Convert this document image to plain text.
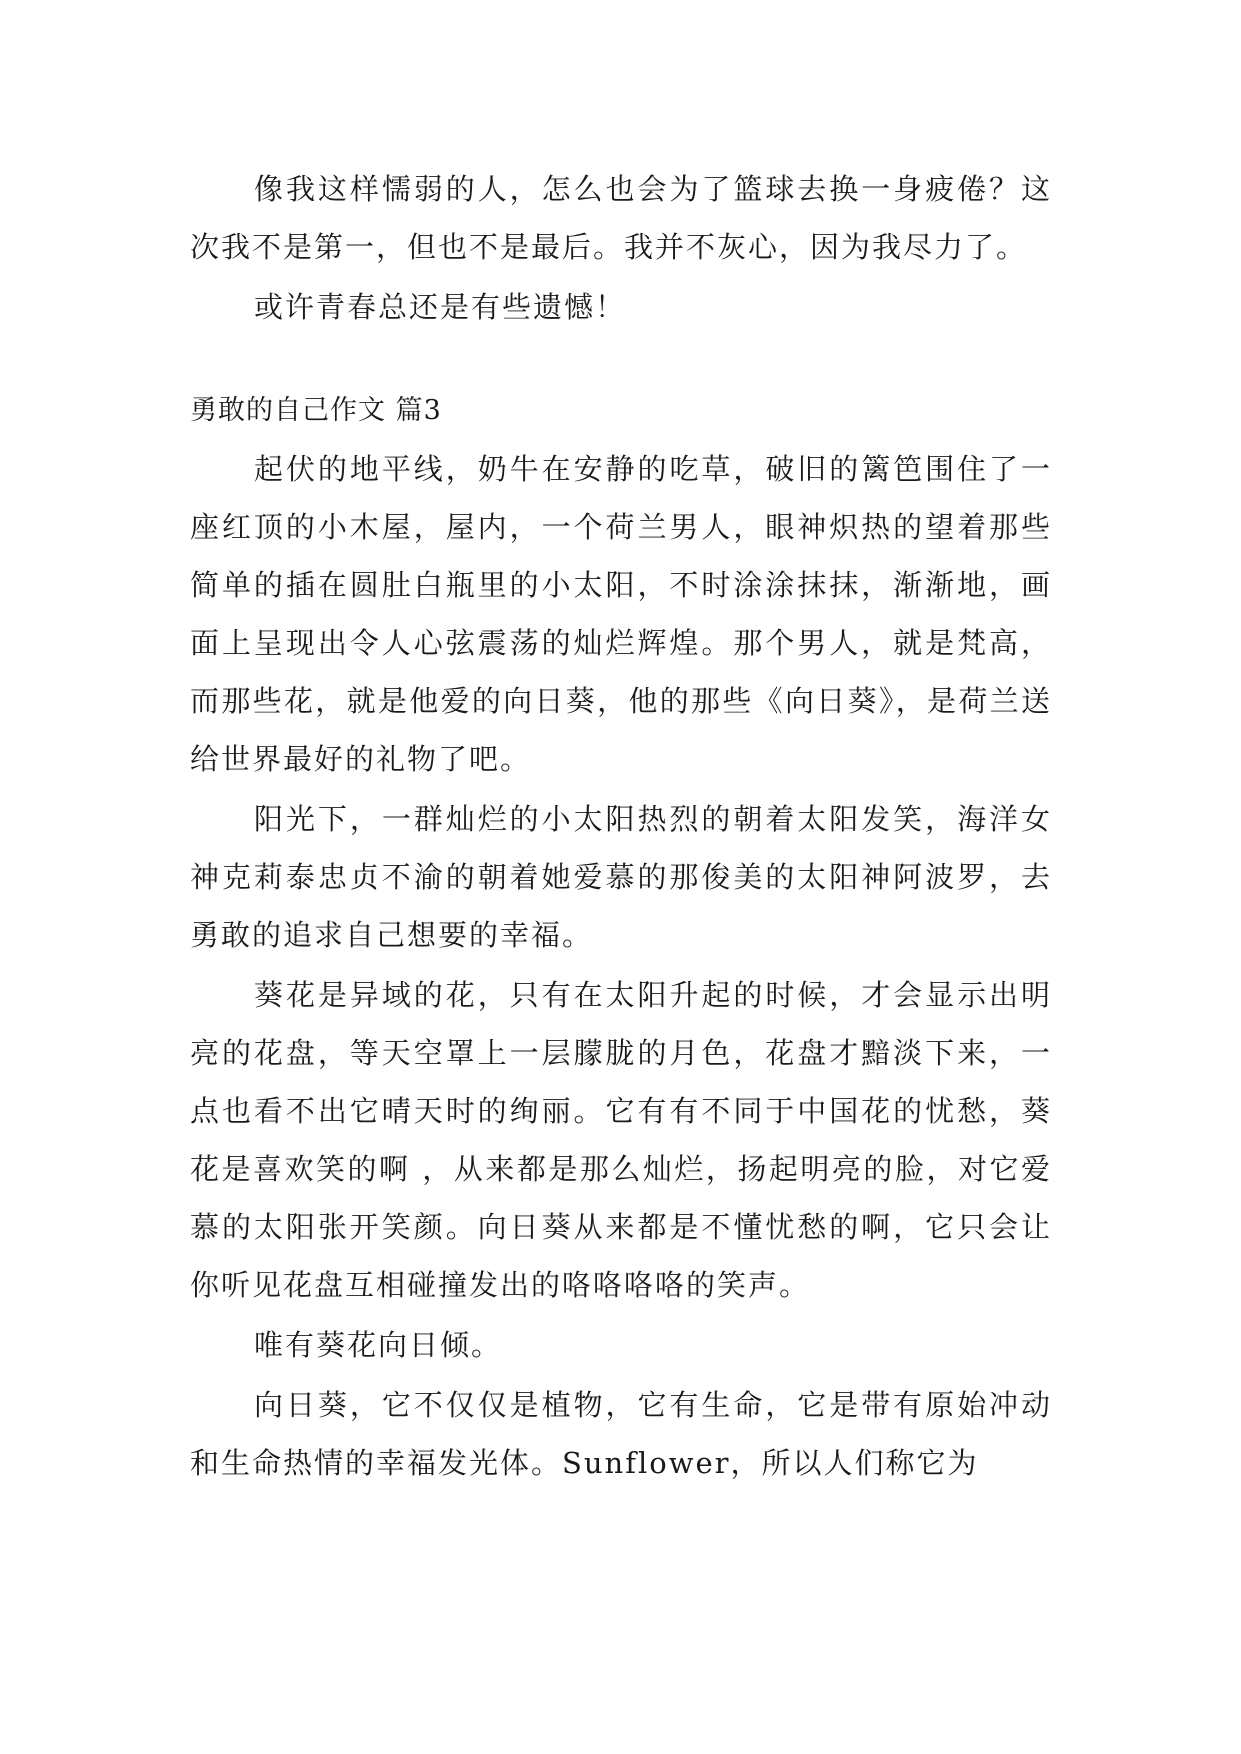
像我这样懦弱的人，怎么也会为了篮球去换一身疲倦？这次我不是第一，但也不是最后。我并不灰心，因为我尽力了。

或许青春总还是有些遗憾！

勇敢的自己作文 篇3

起伏的地平线，奶牛在安静的吃草，破旧的篱笆围住了一座红顶的小木屋，屋内，一个荷兰男人，眼神炽热的望着那些简单的插在圆肚白瓶里的小太阳，不时涂涂抹抹，渐渐地，画面上呈现出令人心弦震荡的灿烂辉煌。那个男人，就是梵高，而那些花，就是他爱的向日葵，他的那些《向日葵》，是荷兰送给世界最好的礼物了吧。

阳光下，一群灿烂的小太阳热烈的朝着太阳发笑，海洋女神克莉泰忠贞不渝的朝着她爱慕的那俊美的太阳神阿波罗，去勇敢的追求自己想要的幸福。

葵花是异域的花，只有在太阳升起的时候，才会显示出明亮的花盘，等天空罩上一层朦胧的月色，花盘才黯淡下来，一点也看不出它晴天时的绚丽。它有有不同于中国花的忧愁，葵花是喜欢笑的啊 ，从来都是那么灿烂，扬起明亮的脸，对它爱慕的太阳张开笑颜。向日葵从来都是不懂忧愁的啊，它只会让你听见花盘互相碰撞发出的咯咯咯咯的笑声。

唯有葵花向日倾。

向日葵，它不仅仅是植物，它有生命，它是带有原始冲动和生命热情的幸福发光体。Sunflower，所以人们称它为
